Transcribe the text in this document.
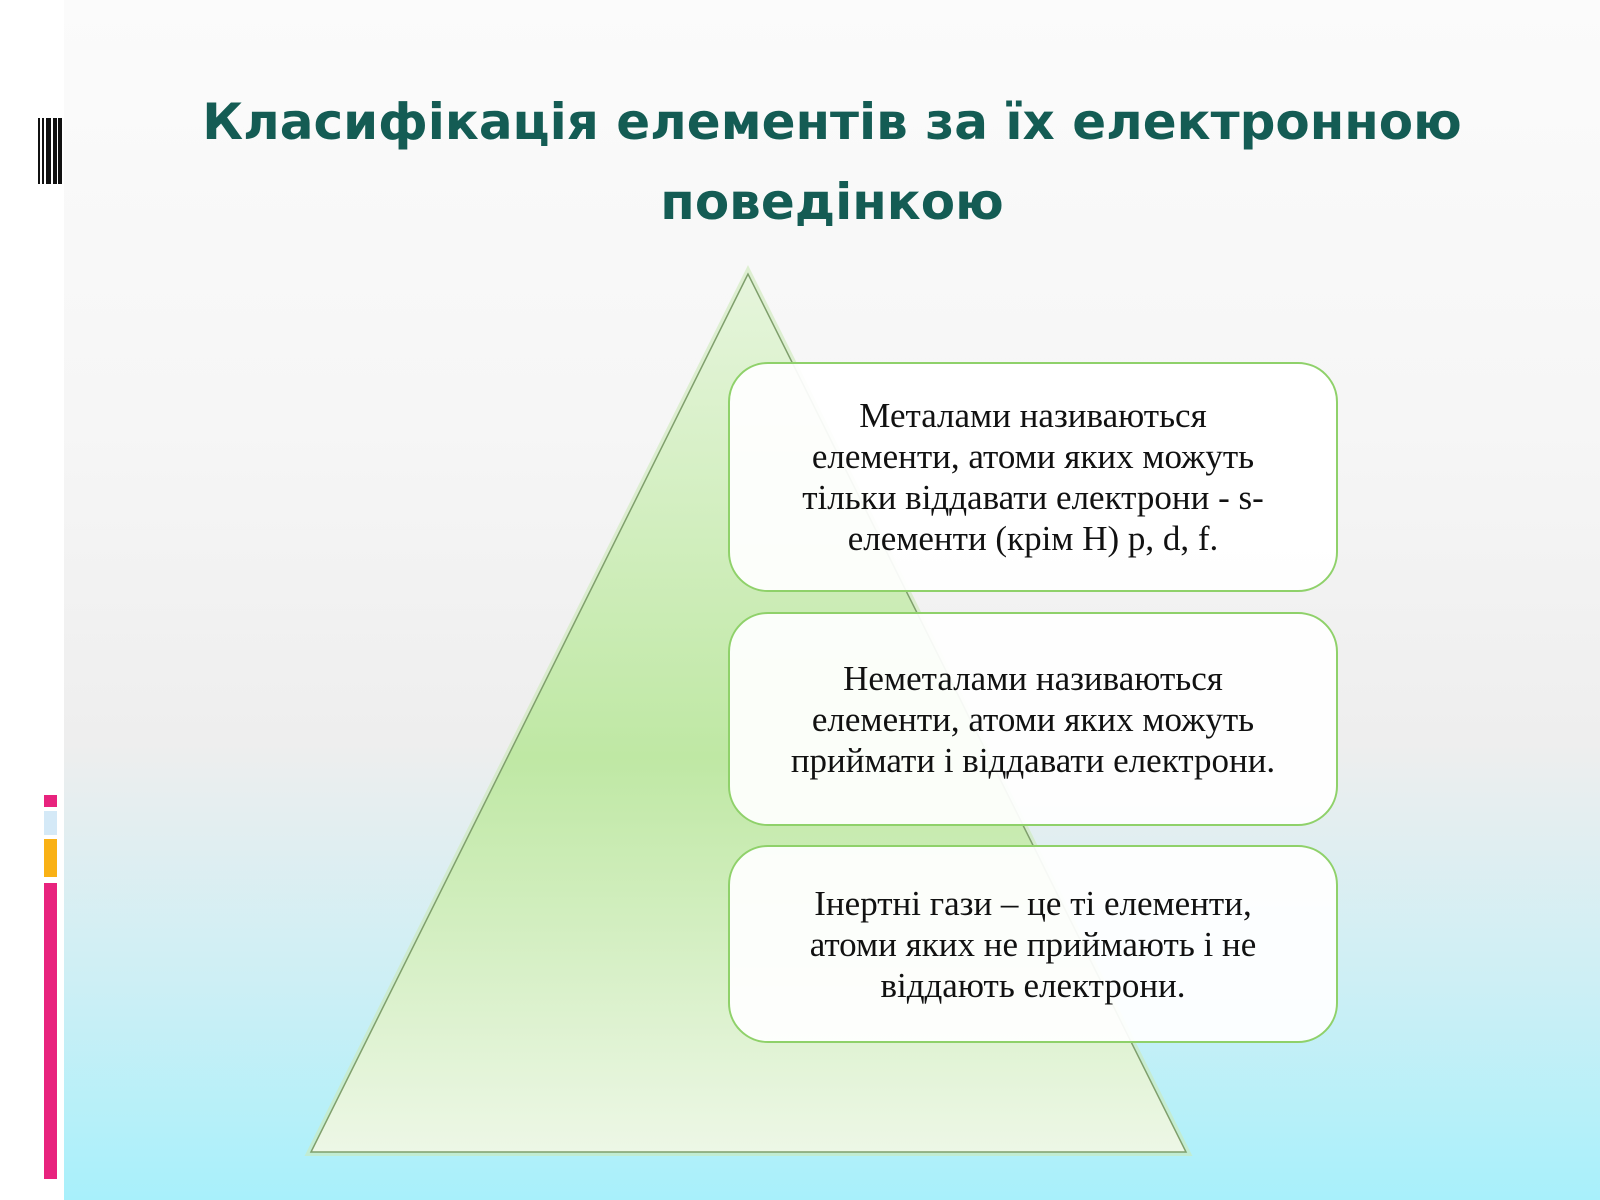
Класифікація елементів за їх електронною
поведінкою

Металами називаються
елементи, атоми яких можуть
тільки віддавати електрони - s-
елементи (крім Н) p, d, f.

Неметалами називаються
елементи, атоми яких можуть
приймати і віддавати електрони.

Інертні гази – це ті елементи,
атоми яких не приймають і не
віддають електрони.
